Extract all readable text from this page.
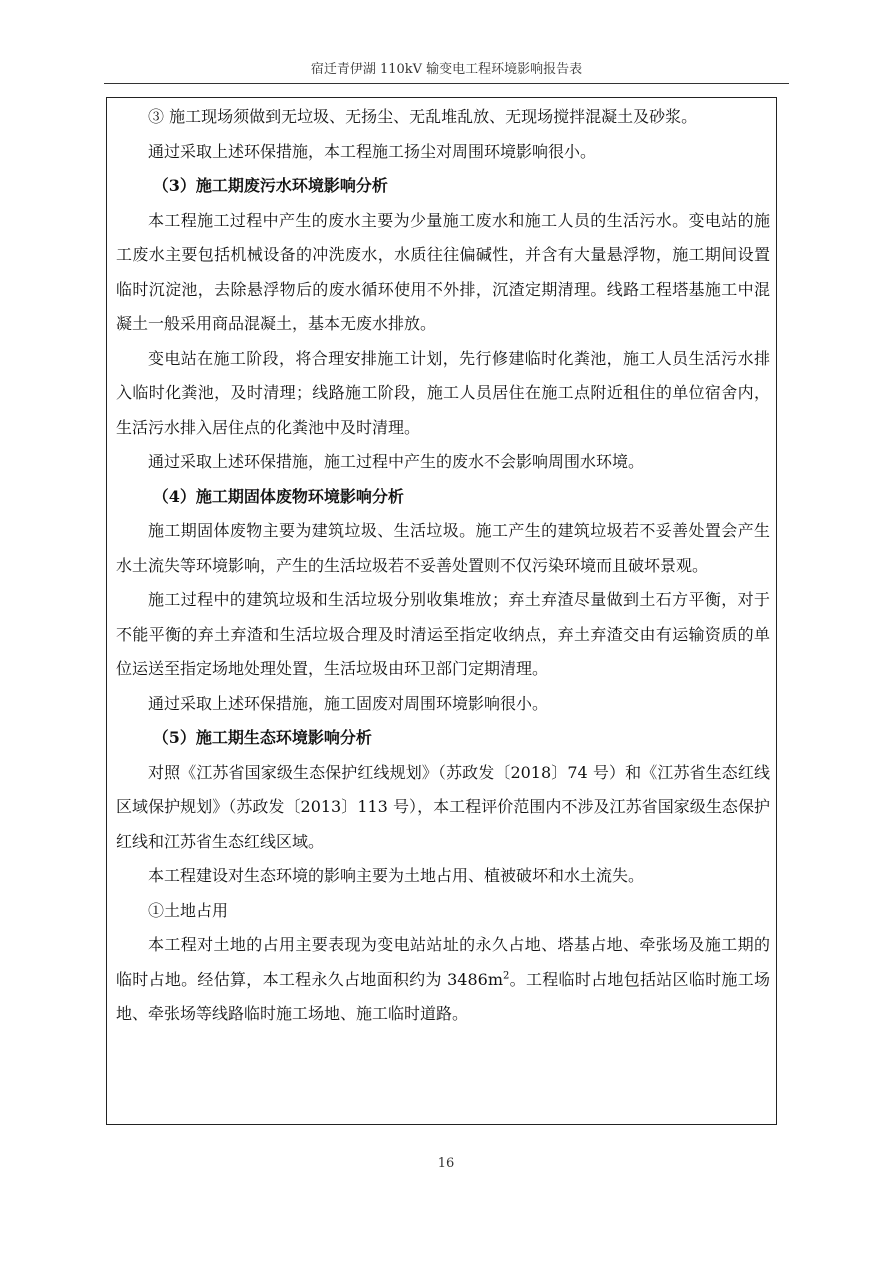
宿迁青伊湖 110kV 输变电工程环境影响报告表

③ 施工现场须做到无垃圾、无扬尘、无乱堆乱放、无现场搅拌混凝土及砂浆。

通过采取上述环保措施，本工程施工扬尘对周围环境影响很小。

（3）施工期废污水环境影响分析

本工程施工过程中产生的废水主要为少量施工废水和施工人员的生活污水。变电站的施工废水主要包括机械设备的冲洗废水，水质往往偏碱性，并含有大量悬浮物，施工期间设置临时沉淀池，去除悬浮物后的废水循环使用不外排，沉渣定期清理。线路工程塔基施工中混凝土一般采用商品混凝土，基本无废水排放。

变电站在施工阶段，将合理安排施工计划，先行修建临时化粪池，施工人员生活污水排入临时化粪池，及时清理；线路施工阶段，施工人员居住在施工点附近租住的单位宿舍内，生活污水排入居住点的化粪池中及时清理。

通过采取上述环保措施，施工过程中产生的废水不会影响周围水环境。

（4）施工期固体废物环境影响分析

施工期固体废物主要为建筑垃圾、生活垃圾。施工产生的建筑垃圾若不妥善处置会产生水土流失等环境影响，产生的生活垃圾若不妥善处置则不仅污染环境而且破坏景观。

施工过程中的建筑垃圾和生活垃圾分别收集堆放；弃土弃渣尽量做到土石方平衡，对于不能平衡的弃土弃渣和生活垃圾合理及时清运至指定收纳点，弃土弃渣交由有运输资质的单位运送至指定场地处理处置，生活垃圾由环卫部门定期清理。

通过采取上述环保措施，施工固废对周围环境影响很小。

（5）施工期生态环境影响分析

对照《江苏省国家级生态保护红线规划》（苏政发〔2018〕74 号）和《江苏省生态红线区域保护规划》（苏政发〔2013〕113 号），本工程评价范围内不涉及江苏省国家级生态保护红线和江苏省生态红线区域。

本工程建设对生态环境的影响主要为土地占用、植被破坏和水土流失。

①土地占用

本工程对土地的占用主要表现为变电站站址的永久占地、塔基占地、牵张场及施工期的临时占地。经估算，本工程永久占地面积约为 $3486m^2$。工程临时占地包括站区临时施工场地、牵张场等线路临时施工场地、施工临时道路。

16
